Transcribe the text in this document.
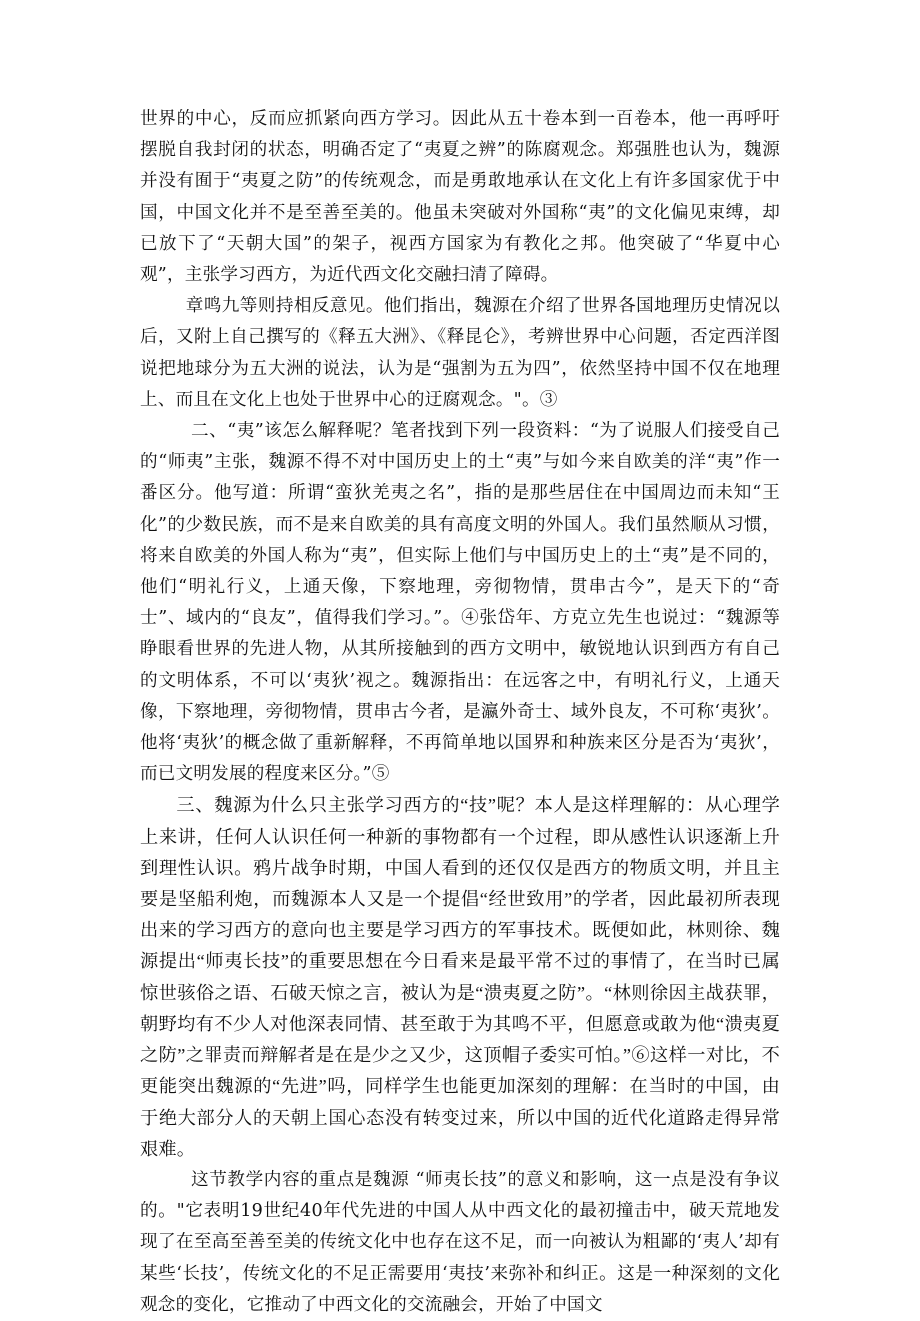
世界的中心，反而应抓紧向西方学习。因此从五十卷本到一百卷本，他一再呼吁摆脱自我封闭的状态，明确否定了“夷夏之辨”的陈腐观念。郑强胜也认为，魏源并没有囿于“夷夏之防”的传统观念，而是勇敢地承认在文化上有许多国家优于中国，中国文化并不是至善至美的。他虽未突破对外国称“夷”的文化偏见束缚，却已放下了“天朝大国”的架子，视西方国家为有教化之邦。他突破了“华夏中心观”，主张学习西方，为近代西文化交融扫清了障碍。

章鸣九等则持相反意见。他们指出，魏源在介绍了世界各国地理历史情况以后，又附上自己撰写的《释五大洲》、《释昆仑》，考辨世界中心问题，否定西洋图说把地球分为五大洲的说法，认为是“强割为五为四”，依然坚持中国不仅在地理上、而且在文化上也处于世界中心的迂腐观念。"。③

二、“夷”该怎么解释呢？笔者找到下列一段资料：“为了说服人们接受自己的“师夷”主张，魏源不得不对中国历史上的土“夷”与如今来自欧美的洋“夷”作一番区分。他写道：所谓“蛮狄羌夷之名”，指的是那些居住在中国周边而未知“王化”的少数民族，而不是来自欧美的具有高度文明的外国人。我们虽然顺从习惯，将来自欧美的外国人称为“夷”，但实际上他们与中国历史上的土“夷”是不同的，他们“明礼行义，上通天像，下察地理，旁彻物情，贯串古今”，是天下的“奇士”、域内的“良友”，值得我们学习。”。④张岱年、方克立先生也说过：“魏源等睁眼看世界的先进人物，从其所接触到的西方文明中，敏锐地认识到西方有自己的文明体系，不可以‘夷狄’视之。魏源指出：在远客之中，有明礼行义，上通天像，下察地理，旁彻物情，贯串古今者，是瀛外奇士、域外良友，不可称‘夷狄’。他将‘夷狄’的概念做了重新解释，不再简单地以国界和种族来区分是否为‘夷狄’，而已文明发展的程度来区分。”⑤

三、魏源为什么只主张学习西方的“技”呢？本人是这样理解的：从心理学上来讲，任何人认识任何一种新的事物都有一个过程，即从感性认识逐渐上升到理性认识。鸦片战争时期，中国人看到的还仅仅是西方的物质文明，并且主要是坚船利炮，而魏源本人又是一个提倡“经世致用”的学者，因此最初所表现出来的学习西方的意向也主要是学习西方的军事技术。既便如此，林则徐、魏源提出“师夷长技”的重要思想在今日看来是最平常不过的事情了，在当时已属惊世骇俗之语、石破天惊之言，被认为是“溃夷夏之防”。“林则徐因主战获罪，朝野均有不少人对他深表同情、甚至敢于为其鸣不平，但愿意或敢为他“溃夷夏之防”之罪责而辩解者是在是少之又少，这顶帽子委实可怕。”⑥这样一对比，不更能突出魏源的“先进”吗，同样学生也能更加深刻的理解：在当时的中国，由于绝大部分人的天朝上国心态没有转变过来，所以中国的近代化道路走得异常艰难。

这节教学内容的重点是魏源 “师夷长技”的意义和影响，这一点是没有争议的。"它表明19世纪40年代先进的中国人从中西文化的最初撞击中，破天荒地发现了在至高至善至美的传统文化中也存在这不足，而一向被认为粗鄙的‘夷人’却有某些‘长技’，传统文化的不足正需要用‘夷技’来弥补和纠正。这是一种深刻的文化观念的变化，它推动了中西文化的交流融会，开始了中国文
